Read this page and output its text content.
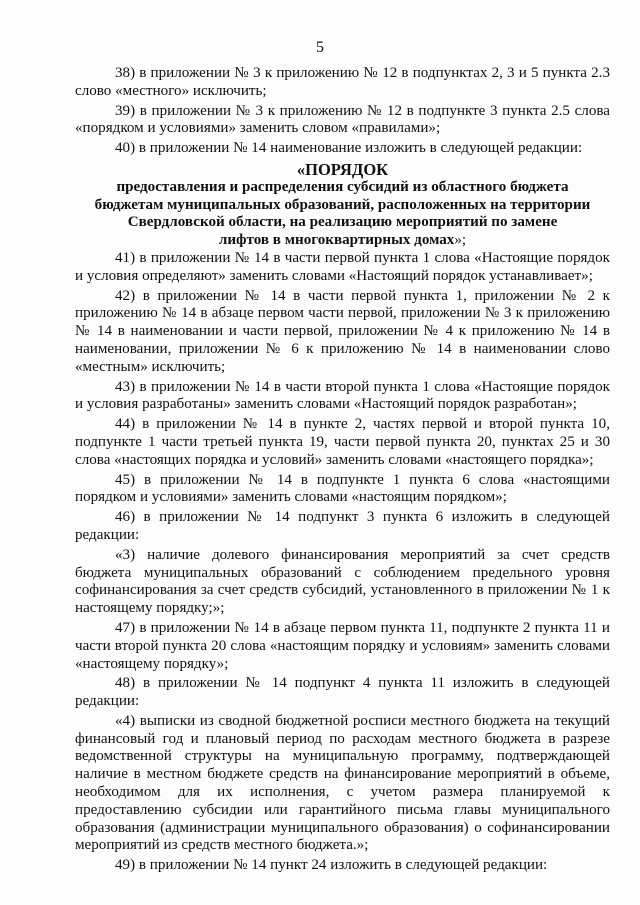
5

38) в приложении № 3 к приложению № 12 в подпунктах 2, 3 и 5 пункта 2.3 слово «местного» исключить;

39) в приложении № 3 к приложению № 12 в подпункте 3 пункта 2.5 слова «порядком и условиями» заменить словом «правилами»;

40) в приложении № 14 наименование изложить в следующей редакции:

«ПОРЯДОК
предоставления и распределения субсидий из областного бюджета
бюджетам муниципальных образований, расположенных на территории
Свердловской области, на реализацию мероприятий по замене
лифтов в многоквартирных домах»;

41) в приложении № 14 в части первой пункта 1 слова «Настоящие порядок и условия определяют» заменить словами «Настоящий порядок устанавливает»;

42) в приложении № 14 в части первой пункта 1, приложении № 2 к приложению № 14 в абзаце первом части первой, приложении № 3 к приложению № 14 в наименовании и части первой, приложении № 4 к приложению № 14 в наименовании, приложении № 6 к приложению № 14 в наименовании слово «местным» исключить;

43) в приложении № 14 в части второй пункта 1 слова «Настоящие порядок и условия разработаны» заменить словами «Настоящий порядок разработан»;

44) в приложении № 14 в пункте 2, частях первой и второй пункта 10, подпункте 1 части третьей пункта 19, части первой пункта 20, пунктах 25 и 30 слова «настоящих порядка и условий» заменить словами «настоящего порядка»;

45) в приложении № 14 в подпункте 1 пункта 6 слова «настоящими порядком и условиями» заменить словами «настоящим порядком»;

46) в приложении № 14 подпункт 3 пункта 6 изложить в следующей редакции:

«3) наличие долевого финансирования мероприятий за счет средств бюджета муниципальных образований с соблюдением предельного уровня софинансирования за счет средств субсидий, установленного в приложении № 1 к настоящему порядку;»;

47) в приложении № 14 в абзаце первом пункта 11, подпункте 2 пункта 11 и части второй пункта 20 слова «настоящим порядку и условиям» заменить словами «настоящему порядку»;

48) в приложении № 14 подпункт 4 пункта 11 изложить в следующей редакции:

«4) выписки из сводной бюджетной росписи местного бюджета на текущий финансовый год и плановый период по расходам местного бюджета в разрезе ведомственной структуры на муниципальную программу, подтверждающей наличие в местном бюджете средств на финансирование мероприятий в объеме, необходимом для их исполнения, с учетом размера планируемой к предоставлению субсидии или гарантийного письма главы муниципального образования (администрации муниципального образования) о софинансировании мероприятий из средств местного бюджета.»;

49) в приложении № 14 пункт 24 изложить в следующей редакции:
